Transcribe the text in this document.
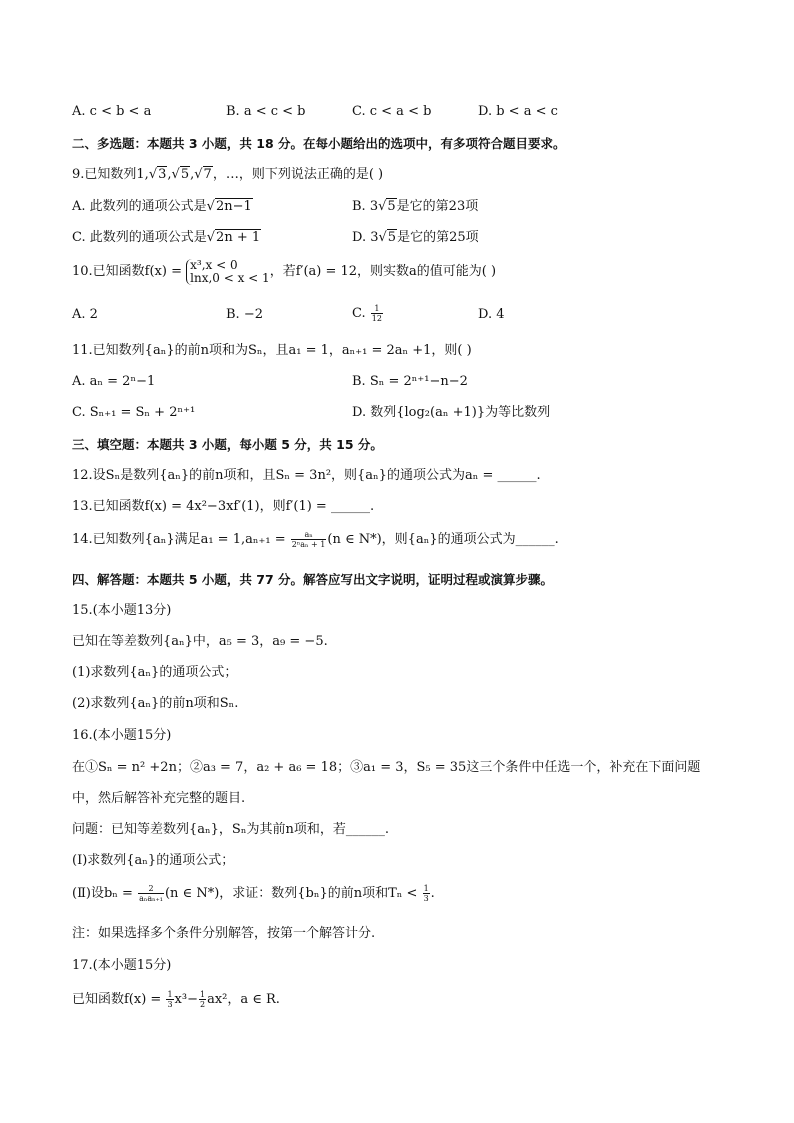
A. c < b < a	B. a < c < b	C. c < a < b	D. b < a < c
二、多选题：本题共 3 小题，共 18 分。在每小题给出的选项中，有多项符合题目要求。
9.已知数列1,√3,√5,√7，…，则下列说法正确的是( )
A. 此数列的通项公式是√2n−1	B. 3√5是它的第23项
C. 此数列的通项公式是√2n + 1	D. 3√5是它的第25项
10.已知函数f(x) = x³,x < 0
lnx,0 < x < 1 ，若f′(a) = 12，则实数a的值可能为( )
A. 2	B. −2	C. $\frac{1}{12}$	D. 4
11.已知数列{aₙ}的前n项和为Sₙ，且a₁ = 1，aₙ₊₁ = 2aₙ +1，则( )
A. aₙ = 2ⁿ−1	B. Sₙ = 2ⁿ⁺¹−n−2
C. Sₙ₊₁ = Sₙ + 2ⁿ⁺¹	D. 数列{log₂(aₙ +1)}为等比数列
三、填空题：本题共 3 小题，每小题 5 分，共 15 分。
12.设Sₙ是数列{aₙ}的前n项和，且Sₙ = 3n²，则{aₙ}的通项公式为aₙ = ______.
13.已知函数f(x) = 4x²−3xf′(1)，则f′(1) = ______.
14.已知数列{aₙ}满足$a_1 = 1,a_{n+1} = \frac{\text{aₙ}}{\text{2ⁿaₙ + 1}} (n$ ∈ N*)，则{aₙ}的通项公式为______.
四、解答题：本题共 5 小题，共 77 分。解答应写出文字说明，证明过程或演算步骤。
15.(本小题13分)
已知在等差数列{aₙ}中，a₅ = 3，a₉ = −5.
(1)求数列{aₙ}的通项公式；
(2)求数列{aₙ}的前n项和Sₙ.
16.(本小题15分)
在①Sₙ = n² +2n；②a₃ = 7，a₂ + a₆ = 18；③a₁ = 3，S₅ = 35这三个条件中任选一个，补充在下面问题
中，然后解答补充完整的题目.
问题：已知等差数列{aₙ}，Sₙ为其前n项和，若______.
(Ⅰ)求数列{aₙ}的通项公式；
(Ⅱ)设$b_n = \frac{2}{\text{aₙaₙ₊₁}} (n$ ∈ N*)，求证：数列{bₙ}的前n项和$T_n < \frac{1}{3}$ .
注：如果选择多个条件分别解答，按第一个解答计分.
17.(本小题15分)
已知函数$f(x) = \frac{1}{3} x^3- \frac{1}{2} ax^2$，a ∈ R.
